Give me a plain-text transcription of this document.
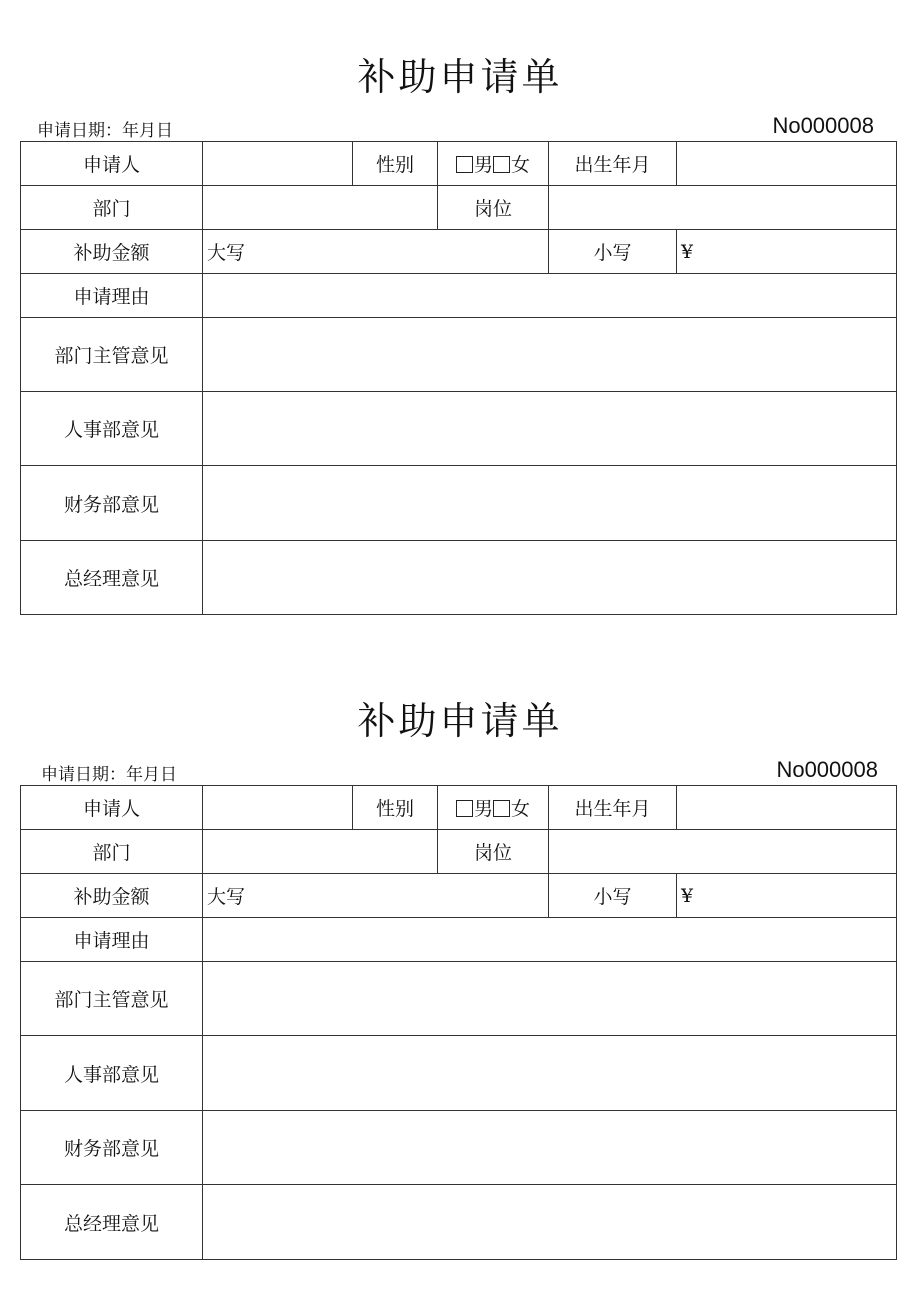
补助申请单
申请日期：年月日	No000008
申请人		性别	男 女	出生年月	
部门			岗位		
补助金额	大写			小写	¥
申请理由					
部门主管意见					
人事部意见					
财务部意见					
总经理意见					
补助申请单
申请日期：年月日	No000008
申请人		性别	男 女	出生年月	
部门			岗位		
补助金额	大写			小写	¥
申请理由					
部门主管意见					
人事部意见					
财务部意见					
总经理意见					
